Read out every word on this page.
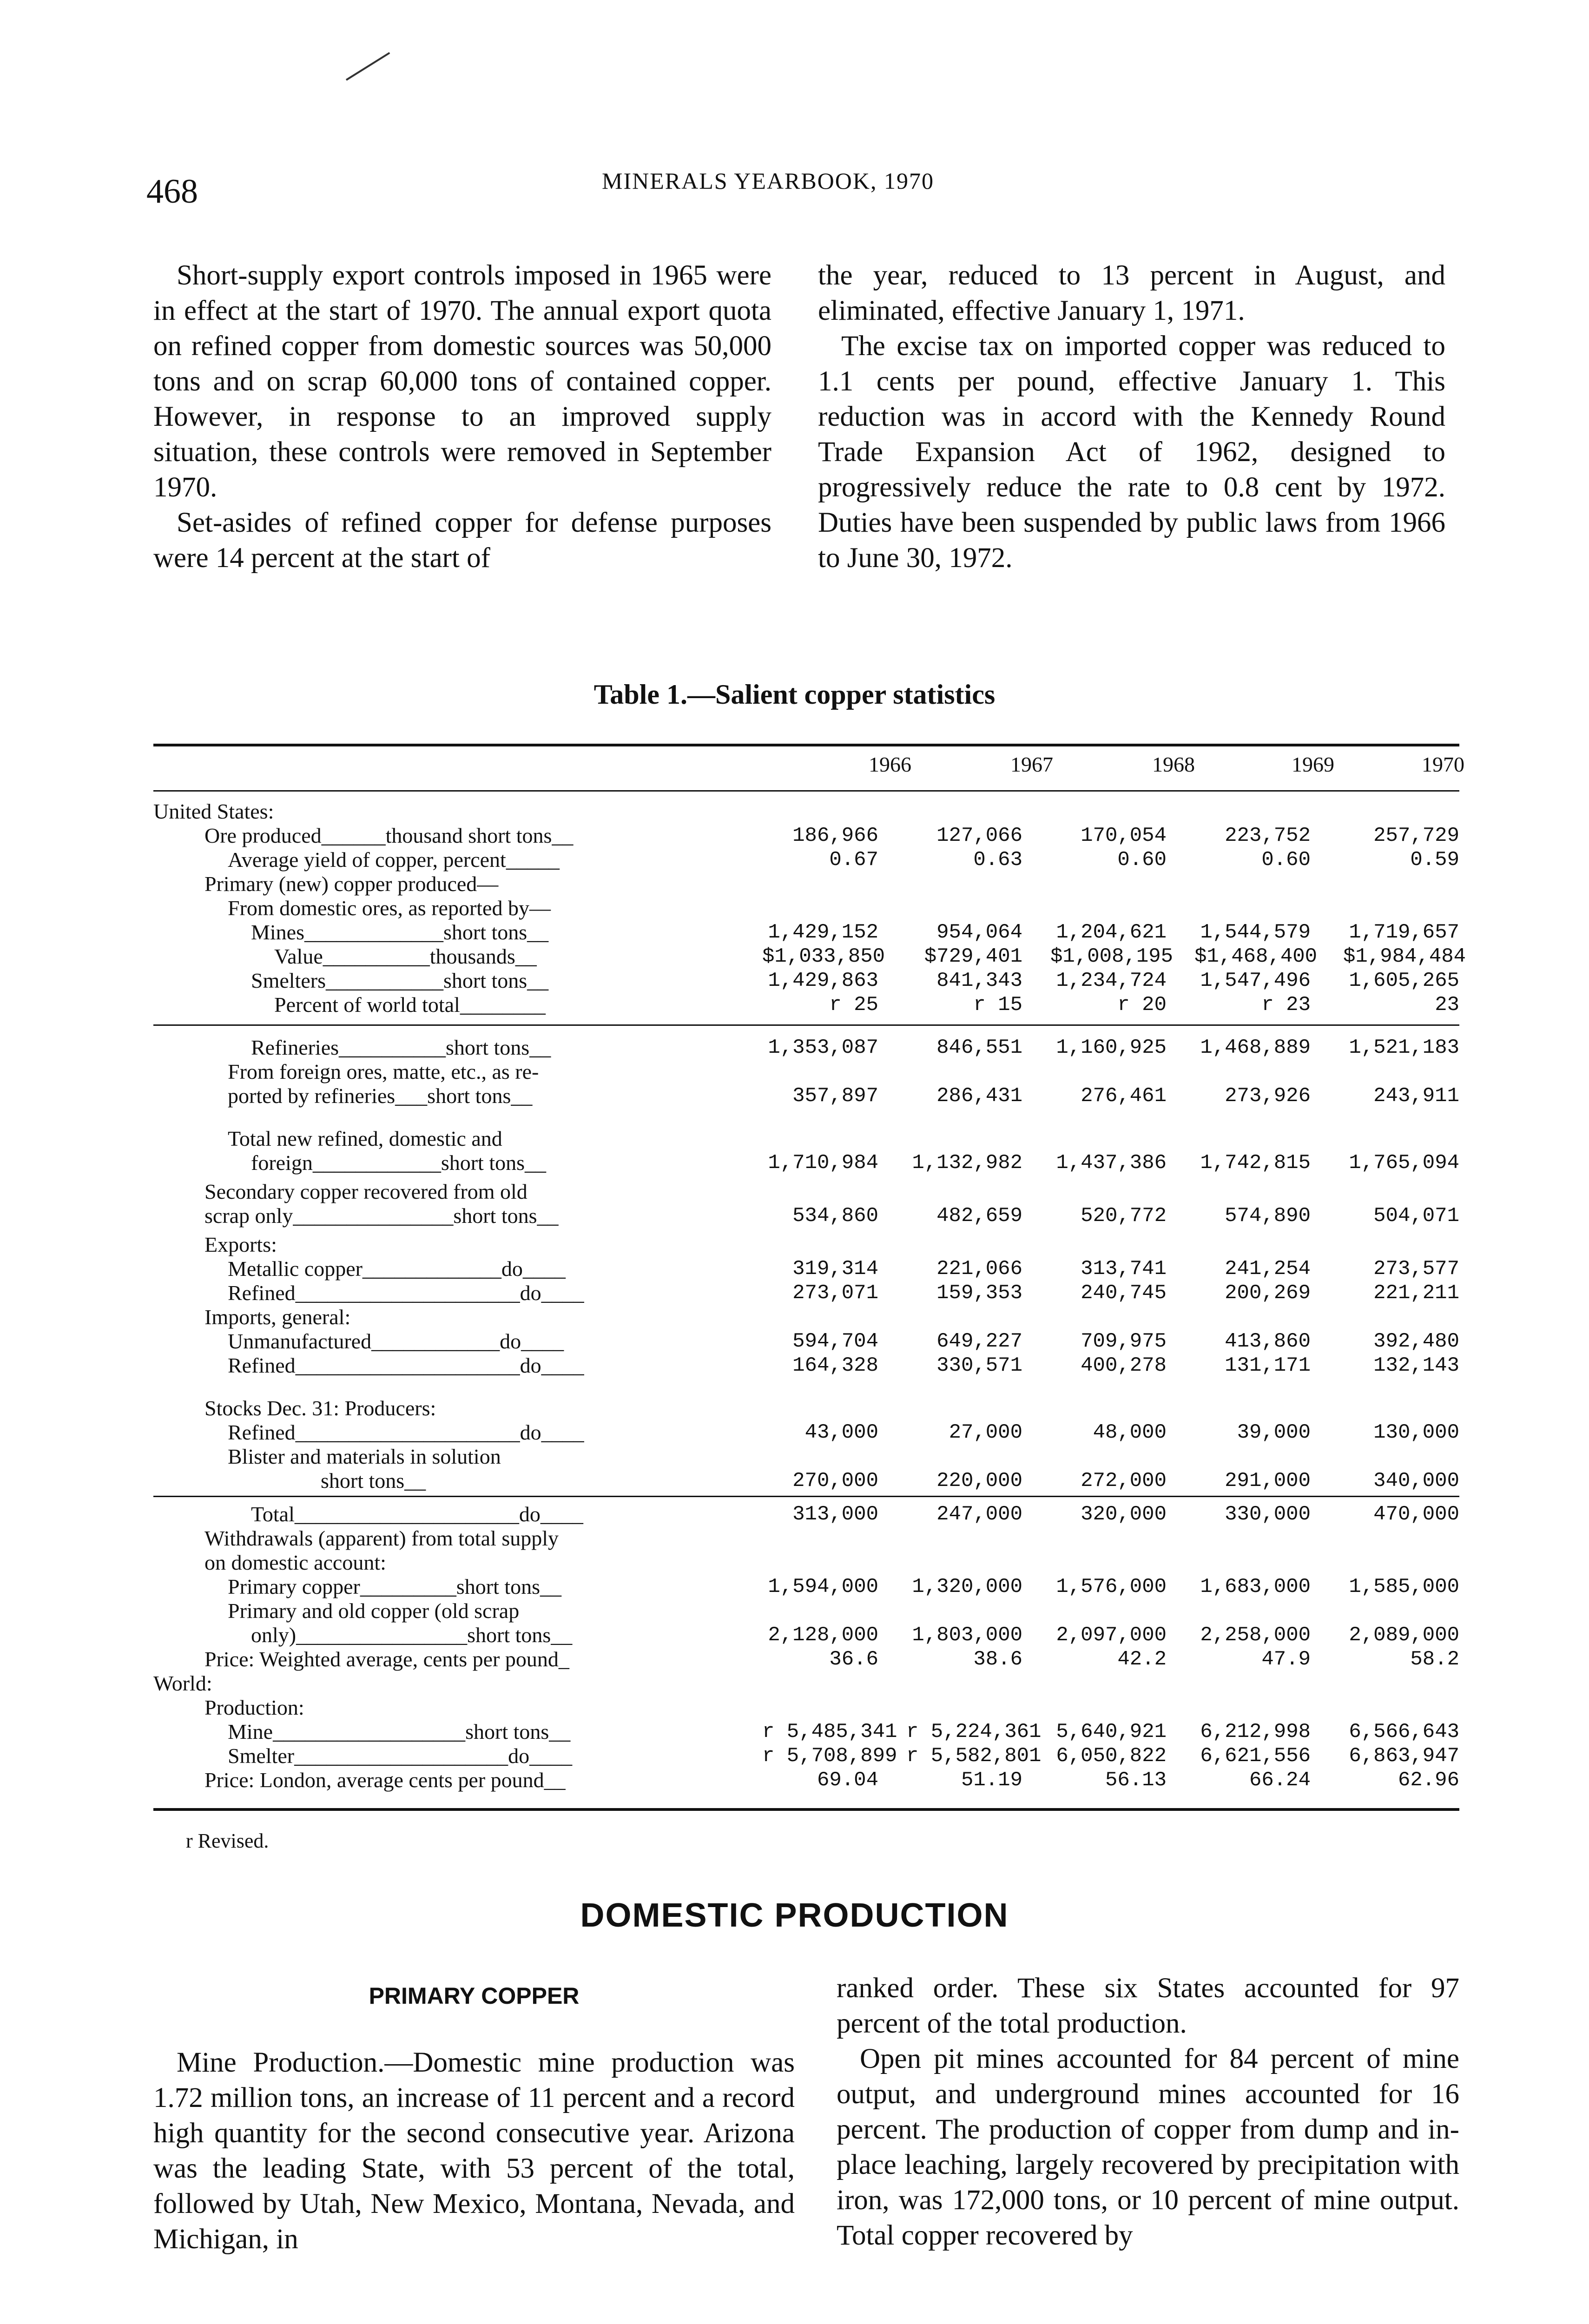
468	MINERALS YEARBOOK, 1970

Short-supply export controls imposed in 1965 were in effect at the start of 1970. The annual export quota on refined copper from domestic sources was 50,000 tons and on scrap 60,000 tons of contained copper. However, in response to an improved supply situation, these controls were removed in September 1970.

Set-asides of refined copper for defense purposes were 14 percent at the start of

the year, reduced to 13 percent in August, and eliminated, effective January 1, 1971.

The excise tax on imported copper was reduced to 1.1 cents per pound, effective January 1. This reduction was in accord with the Kennedy Round Trade Expansion Act of 1962, designed to progressively reduce the rate to 0.8 cent by 1972. Duties have been suspended by public laws from 1966 to June 30, 1972.

Table 1.—Salient copper statistics
1966	1967	1968	1969	1970
United States:
Ore produced______thousand short tons__	186,966	127,066	170,054	223,752	257,729
Average yield of copper, percent_____	0.67	0.63	0.60	0.60	0.59
Primary (new) copper produced—
From domestic ores, as reported by—
Mines_____________short tons__	1,429,152	954,064 1,204,621 1,544,579 1,719,657
Value__________thousands__	$1,033,850	$729,401 $1,008,195 $1,468,400 $1,984,484
Smelters___________short tons__	1,429,863	841,343 1,234,724 1,547,496 1,605,265
Percent of world total________	r 25	r 15	r 20	r 23	23
Refineries__________short tons__	1,353,087	846,551 1,160,925 1,468,889 1,521,183
From foreign ores, matte, etc., as re-
ported by refineries___short tons__	357,897	286,431	276,461	273,926	243,911
Total new refined, domestic and
foreign____________short tons__	1,710,984 1,132,982 1,437,386 1,742,815 1,765,094
Secondary copper recovered from old
scrap only_______________short tons__	534,860	482,659	520,772	574,890	504,071
Exports:
Metallic copper_____________do____	319,314	221,066	313,741	241,254	273,577
Refined_____________________do____	273,071	159,353	240,745	200,269	221,211
Imports, general:
Unmanufactured____________do____	594,704	649,227	709,975	413,860	392,480
Refined_____________________do____	164,328	330,571	400,278	131,171	132,143
Stocks Dec. 31: Producers:
Refined_____________________do____	43,000	27,000	48,000	39,000	130,000
Blister and materials in solution
short tons__	270,000	220,000	272,000	291,000	340,000
Total_____________________do____	313,000	247,000	320,000	330,000	470,000
Withdrawals (apparent) from total supply
on domestic account:
Primary copper_________short tons__	1,594,000 1,320,000 1,576,000 1,683,000 1,585,000
Primary and old copper (old scrap
only)________________short tons__	2,128,000 1,803,000 2,097,000 2,258,000 2,089,000
Price: Weighted average, cents per pound_	36.6	38.6	42.2	47.9	58.2
World:
Production:
Mine__________________short tons__	r 5,485,341 r 5,224,361 5,640,921 6,212,998 6,566,643
Smelter____________________do____	r 5,708,899 r 5,582,801 6,050,822 6,621,556 6,863,947
Price: London, average cents per pound__	69.04	51.19	56.13	66.24	62.96
r Revised.
DOMESTIC PRODUCTION
PRIMARY COPPER

Mine Production.—Domestic mine production was 1.72 million tons, an increase of 11 percent and a record high quantity for the second consecutive year. Arizona was the leading State, with 53 percent of the total, followed by Utah, New Mexico, Montana, Nevada, and Michigan, in

ranked order. These six States accounted for 97 percent of the total production.

Open pit mines accounted for 84 percent of mine output, and underground mines accounted for 16 percent. The production of copper from dump and in-place leaching, largely recovered by precipitation with iron, was 172,000 tons, or 10 percent of mine output. Total copper recovered by
